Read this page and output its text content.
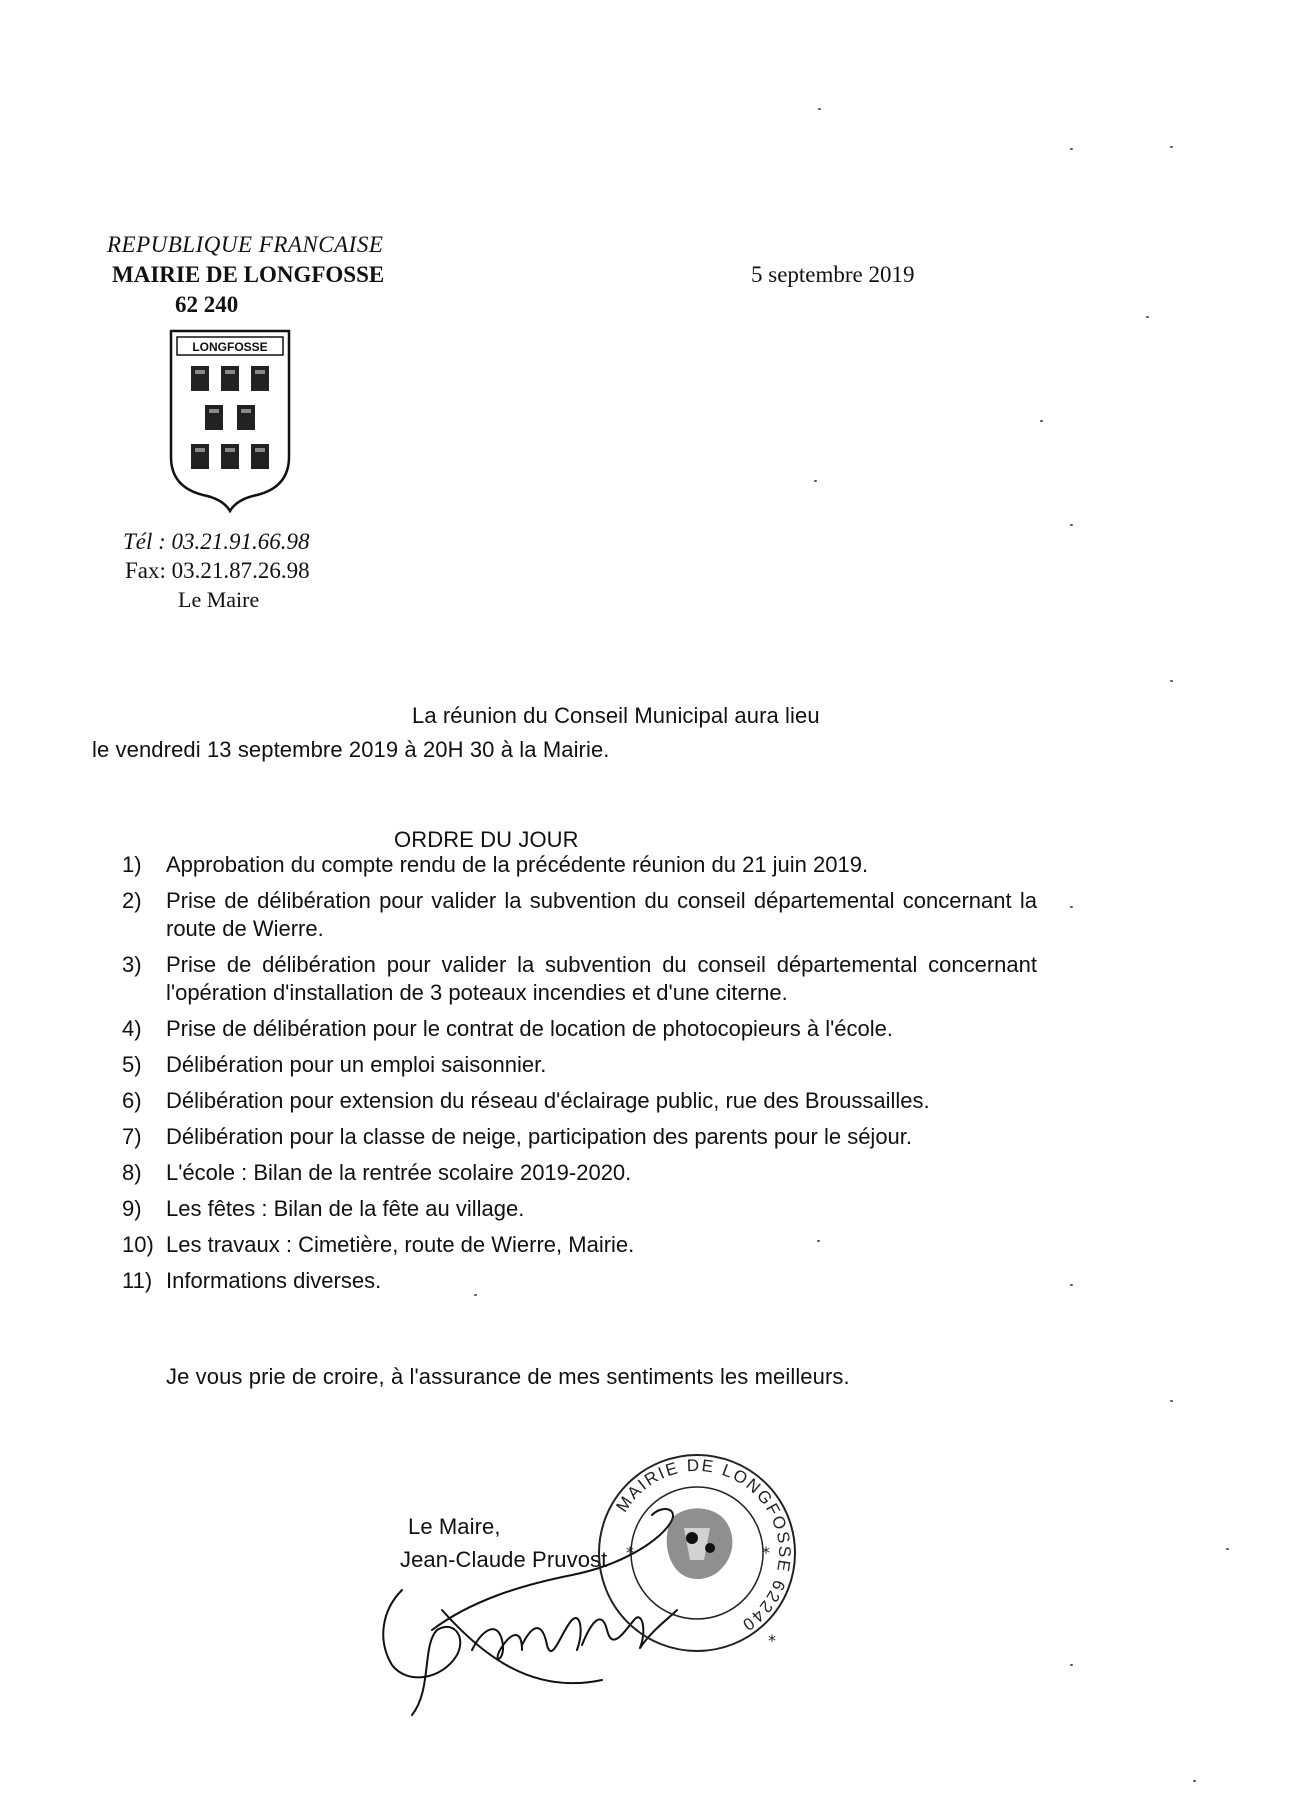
REPUBLIQUE FRANCAISE
MAIRIE DE LONGFOSSE
62 240
LONGFOSSE
Tél : 03.21.91.66.98
Fax: 03.21.87.26.98
Le Maire
5 septembre 2019
La réunion du Conseil Municipal aura lieu
le vendredi 13 septembre 2019 à 20H 30 à la Mairie.
ORDRE DU JOUR
1)	Approbation du compte rendu de la précédente réunion du 21 juin 2019.
2)	Prise de délibération pour valider la subvention du conseil départemental concernant la route de Wierre.
3)	Prise de délibération pour valider la subvention du conseil départemental concernant l'opération d'installation de 3 poteaux incendies et d'une citerne.
4)	Prise de délibération pour le contrat de location de photocopieurs à l'école.
5)	Délibération pour un emploi saisonnier.
6)	Délibération pour extension du réseau d'éclairage public, rue des Broussailles.
7)	Délibération pour la classe de neige, participation des parents pour le séjour.
8)	L'école : Bilan de la rentrée scolaire 2019-2020.
9)	Les fêtes : Bilan de la fête au village.
10) Les travaux : Cimetière, route de Wierre, Mairie.
11) Informations diverses.
Je vous prie de croire, à l'assurance de mes sentiments les meilleurs.
Le Maire,
Jean-Claude Pruvost
MAIRIE DE LONGFOSSE 62240
*	*
*
